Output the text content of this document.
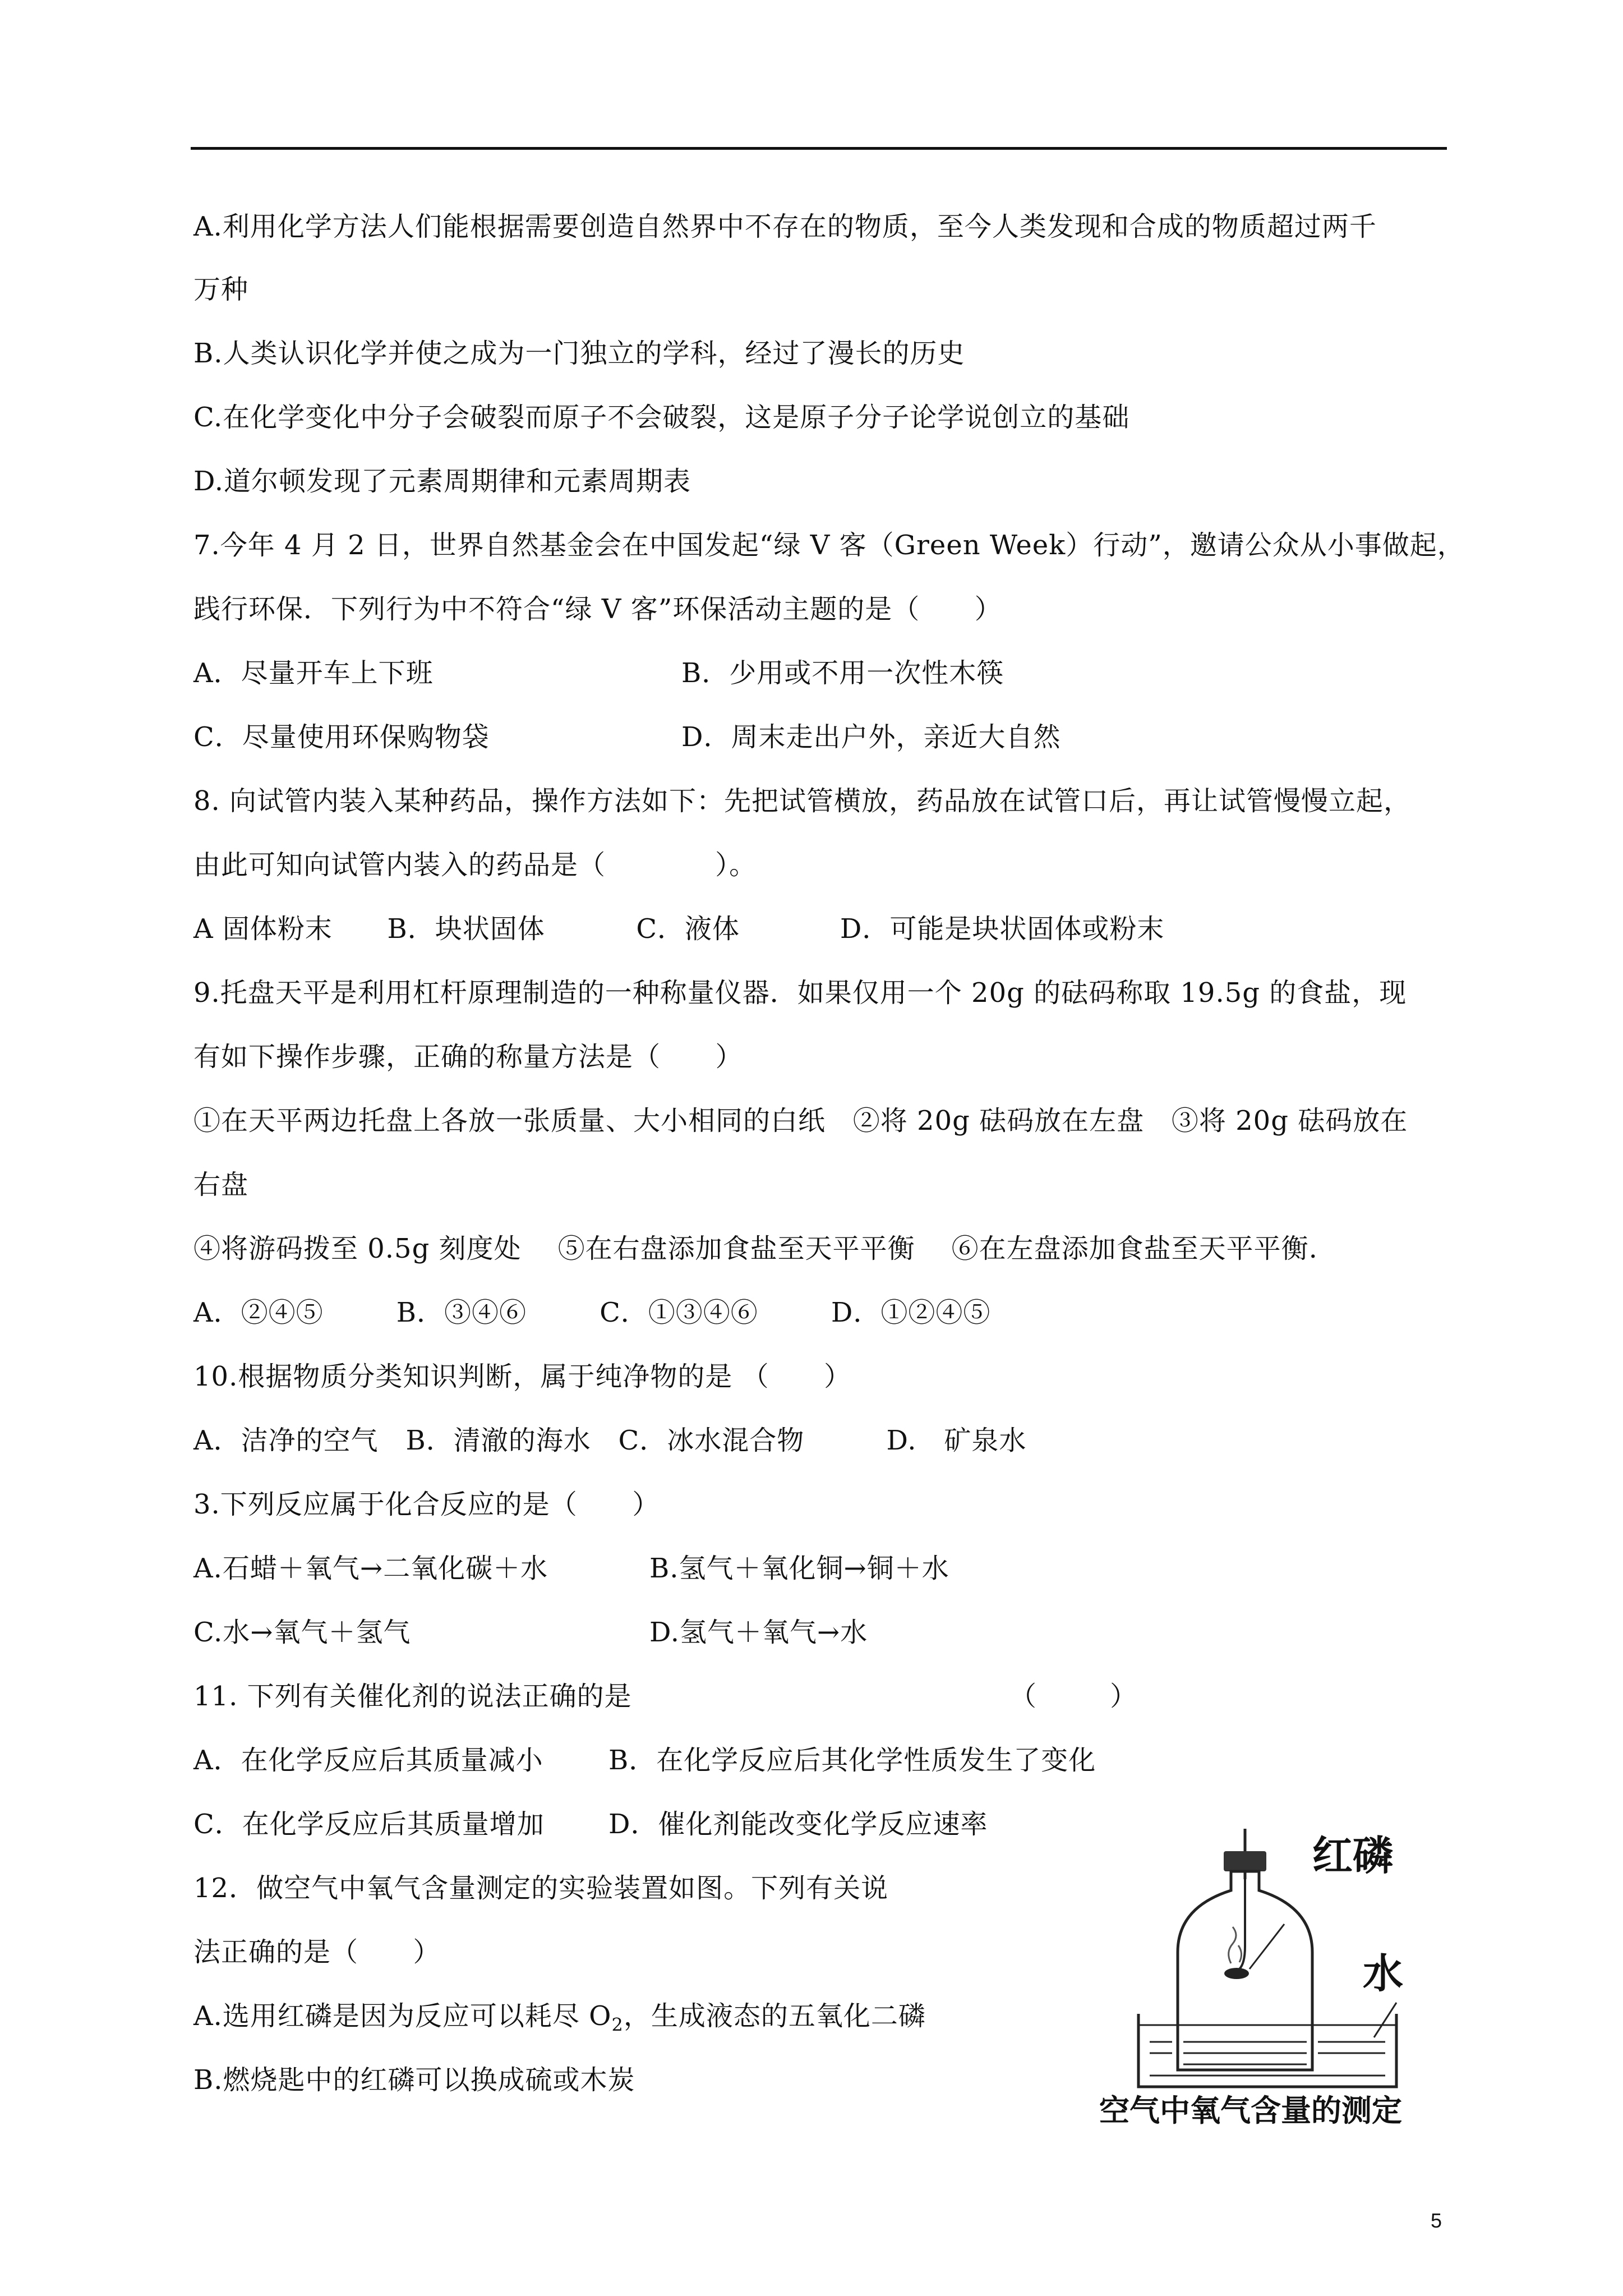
A.利用化学方法人们能根据需要创造自然界中不存在的物质，至今人类发现和合成的物质超过两千
万种
B.人类认识化学并使之成为一门独立的学科，经过了漫长的历史
C.在化学变化中分子会破裂而原子不会破裂，这是原子分子论学说创立的基础
D.道尔顿发现了元素周期律和元素周期表
7.今年 4 月 2 日，世界自然基金会在中国发起“绿 V 客（Green Week）行动”，邀请公众从小事做起，
践行环保．下列行为中不符合“绿 V 客”环保活动主题的是（      ）
A．尽量开车上下班	B．少用或不用一次性木筷
C．尽量使用环保购物袋	D．周末走出户外，亲近大自然
8. 向试管内装入某种药品，操作方法如下：先把试管横放，药品放在试管口后，再让试管慢慢立起，
由此可知向试管内装入的药品是（            ）。
A 固体粉末      B．块状固体          C．液体           D．可能是块状固体或粉末
9.托盘天平是利用杠杆原理制造的一种称量仪器．如果仅用一个 20g 的砝码称取 19.5g 的食盐，现
有如下操作步骤，正确的称量方法是（      ）
①在天平两边托盘上各放一张质量、大小相同的白纸   ②将 20g 砝码放在左盘   ③将 20g 砝码放在
右盘
④将游码拨至 0.5g 刻度处    ⑤在右盘添加食盐至天平平衡    ⑥在左盘添加食盐至天平平衡.
A．②④⑤        B．③④⑥        C．①③④⑥        D．①②④⑤
10.根据物质分类知识判断，属于纯净物的是 （      ）
A．洁净的空气   B．清澈的海水   C．冰水混合物         D.   矿泉水
3.下列反应属于化合反应的是（      ）
A.石蜡＋氧气→二氧化碳＋水	B.氢气＋氧化铜→铜＋水
C.水→氧气＋氢气	D.氢气＋氧气→水
11. 下列有关催化剂的说法正确的是	（        ）
A．在化学反应后其质量减小 B．在化学反应后其化学性质发生了变化
C．在化学反应后其质量增加 D．催化剂能改变化学反应速率
12．做空气中氧气含量测定的实验装置如图。下列有关说
法正确的是（      ）
A.选用红磷是因为反应可以耗尽 $O_2$，生成液态的五氧化二磷
B.燃烧匙中的红磷可以换成硫或木炭
红磷
水
空气中氧气含量的测定
5
